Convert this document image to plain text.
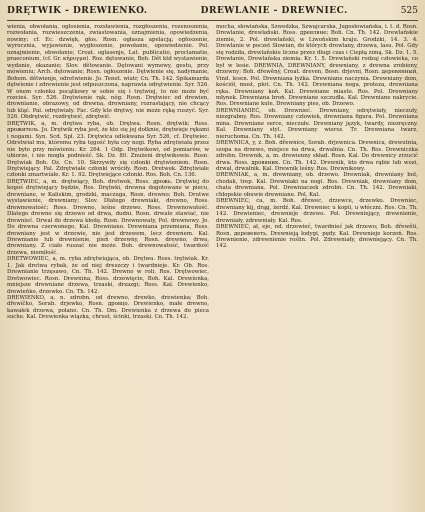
DRĘTWIK - DREWIENKO.	DREWLANIE - DREWNIEC.	525

wienia, obwołania, ogłosienia, rozsławienia, rozgłoszenia, rozsnoszenia, rozwołania, rozwieszczenia, zwiastowania, oznajmienia, opowiedzenia, nowiny; cf. Ec. dzwięk, głos. Rosn. ogłasza apelacją; ogłoszenie, wyrocznia, wyjawienie, wygłoszenie, powołanie, opowiedzenie. Pol. oznajmienie, obwołanie; Croat. oglasenje, Lat. publicatio, proclamatio, praeconium, (cf. Gr. κήρυγμα). Roz. dętuwanie, Boh. Dět ktd wystawienie, wydanie, okazanie; Slov. dětowanie. Dętowani wymowy, gestu, przy mówieniu; Arch. dętowanie; Rosn. ogłoszenie. Dętwienie się, nadymanie, Bohem. dětwienje, odretwienie. Jo. Tenet. wiatr, Cn. Th. 142. Spikamarda dętwienie i zdrewienie jest odpuszczona, naprawia odrętwienie. Syr. 526. W onem członku pocątkowy w sobie się i trętwiej, to nie może być rozcieś. Syr. 526. Drętwienie rąk, nóg. Rosn. Drętwiec od drewien, drewnianie, obrazowy, od drewna, drewniany, rozrastający, nie chcący lub kląć. Pal. odrętwiały. Fac. Gdy kto drętwy, nie może ręką ruszyć. Syr. 526. Obdrętwić, rozdrętwić, zdrętwić.

DRĘTWIK, a, m. drętwa ryba, ob. Drętwa. Rosn. drętwik; Ross. дрожитель. Jo. Drętwik ryba jest, że kto się jej dotknie, drętwieje rękami i nogami. Syn. Scd. Spl. 23. Drętwica odlekwana Syr. 526, cf. Drętwiec. Odretwiał mu, któremu ryba tęgość była czy nogi. Ryba zdrętwiała przez nie było przy mówieniu. Kr. 264. 1 Odp. Drętwikowi, od pomiarów, w ubiorze, i nie mogła podnieść. Sk. Dz. 80. Znużeni drętwikowie. Rosn. Drętwiak Boh. Dz. Cn. 10. Skrzywiły się członki drętwieniem. Rosn. Drętwiejący. Pal. Zdrętwiałe członki wróciły. Rosn. Dretwek. Zdrętwiałe członki zmartwiałe. Kr. 1. 92. Drętwiejące członki. Ros. Boh. Cn. 136.

DRĘTWIEC, a, m. drętwiący, Boh. dretwek, Ross. дрожь. Drętwiej do kogoś drętwiejący będzie, Ros. Drętwki, drewna dogotowane w piecu, drewniane, w Kaliskim, grodzki, maczuga, Rosn. drewno; Boh. Drutwe wystawienie, drewniany; Slov. Dlatego drewniaki, drewno, Ross. drewnowatość; Ross. Drewno, leśne drzewo. Ross. Drewnowatość. Dlatego drewno się drzewo od drwa, dudni. Rosn. drwale stawiać, nie drewnieć. Drwal do drzewa kłodę. Rosn. Drewnowaty, Pol. drewnowy. Jo. Do drewna czerwonego, Kal. Drewniano. Drewniana przemiana, Ross. drewniany jest w drzewie, nie jest drzewem, lecz drewnem. Kal. Drewnianie lub drewnienie, pień drzewny, Rosn. drewno, drwa, drewniany. Z ciało ruszać nie może. Boh. drewnowatość, twardość drzewa, niemiłość.

DRETWOWIEC, a, m. ryba zdrętwiająca, ob. Drętwa. Ross. trętwiak. Kr. 1. Jak dretwa rybak, że od niej dreszczy i twardnieje. Kr. Ob. Ros. Drewnianie trzęsawo, Cn. Th. 142. Drewno w roli, Ros. Drętwowiec, Dretwowiec. Rosn. Drewnina, Ross. drzewięcie, Boh. Kal. Drewienka, mniejsze drewniane drzewa, trzaski, drzazgi; Ross. Kal. Drewienko, drewieńko, drzewko. Cn. Th. 142.

DREWIENKO, a, n. zdrobn. od drewno, drewko, drewienka; Boh. dřewíčko, Sorab. drjewko, Rosn. дровцо. Drewienko, małe drewno, kawałek drzewa, polano. Cn. Th. Dm. Drewienka z drzewa do pieca suche. Kal. Drewienka wiązka, chrust, ścinki, trzaski. Cn. Th. 142.

mocha, słowiańska, Szwedzka, Szwajcarska, Jugosłowiańska, i. t. d. Rosn. Drewlanie, drewlański. Ross. древляне; Boh. Cn. Th. 142. Drewlańskie ziemie, 2. Pol. drewlański, w Liwońskim kraju. Grodzki, 14. 3. 4. Drewlanie w poczet Słowian, do których drewlany, drzewa, lasu. Pol. Gdy się rodziła, drewlańskie liczne przez długi czas i Ciepłą zimą. Sk. Dz. 1. 5. Drewlanie, Drewlańska ziemia. Kr. 1. 5. Drewlański rodzaj człowieka, co był w lesie. DREWNIA, DREWNIANY, drewniany, z drewna zrobiony, drzewny; Boh. dřewěný, Croat. dreven, Bosn. drjevni, Rosn. деревянный, Vind. lesen. Pol. Drewniana łyżka. Drewniane naczynia. Drewniany dom, kościół, most, płot. Cn. Th. 142. Drewniana noga, proteza, drewniana ręka. Drewniany koń. Kal. Drewniane miasto. Ros. Pol. Drewniany młynek. Drewniana broń. Drewniane szczudła. Kal. Drewniane nakrycie. Ros. Drewniane kule. Drewniany pies, ob. Drzewo.

DREWNIANIEĆ, ob. Drewnieć. Drewniany, odrętwiały, nieczuły, niezgrabny. Ros. Drewniany człowiek, drewniana figura. Pol. Drewniana mina. Drewniane serce, nieczułe. Drewniany język, twardy, niezręczny. Kal. Drewniany styl. Drewniany wiersz. Tr. Drewniana twarz, nieruchoma. Cn. Th. 142.

DREWNICA, y, ż. Boh. dřewnice, Sorab. drjewnica. Drewnica, drewutnia, szopa na drzewo, miejsce na drwa, drwalnia. Cn. Th. Ros. Drewniczka zdrobn. Drewnik, a, m. drewienny skład. Rosn. Kal. Do drewnicy zrzucić drwa. Ross. дровяник. Cn. Th. 142. Drewnik, kto drwa rąbie lub wozi, drwal, drwalnik. Kal. Drewnik leśny. Ros. Drewnikowy.

DREWNIAK, a, m. drewniany, ob. drzewo. Drewniak, drewniany but, chodak, trep. Kal. Drewniaki na nogi. Ros. Drewniak, drewniany dom, chata drewniana. Pol. Drewniaczek zdrobn. Cn. Th. 142. Drewniaki, chłopskie obuwie drewniane. Pol. Kal.

DREWNIEC, ca, m. Boh. dřewec, drzewce, drzewko. Drewniec, drewniany kij, drąg, żerdź. Kal. Drewniec u kopii, u włóczni. Ros. Cn. Th. 142. Drewieniec, drewnieje drzewo. Pol. Drewniejący, drewnienie, drewniały, zdrewniały. Kal. Ros.

DREWNIEĆ, ał, eje, nd. drzewieć, twardnieć jak drzewo; Boh. dřewěti, Rosn. деревенеть. Drewnieją łodygi, pędy. Kal. Drewnieje korzeń. Ros. Drewnienie, zdrewnienie roślin. Pol. Zdrewniały, drewniejący. Cn. Th. 142.
